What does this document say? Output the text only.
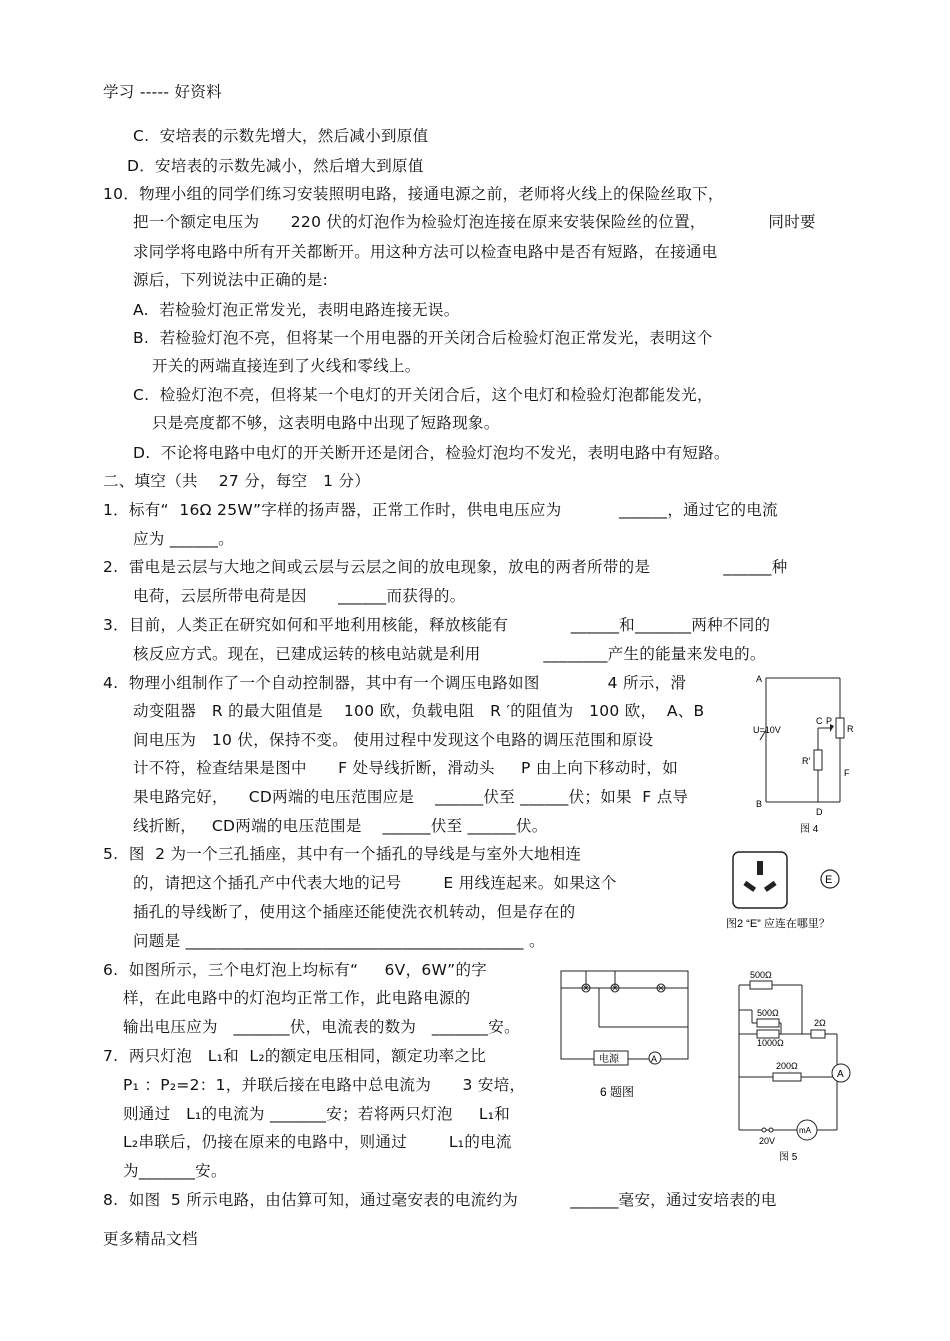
学习 ----- 好资料
C.  安培表的示数先增大，然后减小到原值
D．安培表的示数先减小，然后增大到原值
10．物理小组的同学们练习安装照明电路，接通电源之前，老师将火线上的保险丝取下，
把一个额定电压为      220 伏的灯泡作为检验灯泡连接在原来安装保险丝的位置，            同时要
求同学将电路中所有开关都断开。用这种方法可以检查电路中是否有短路，在接通电
源后，下列说法中正确的是:
A.  若检验灯泡正常发光，表明电路连接无误。
B.  若检验灯泡不亮，但将某一个用电器的开关闭合后检验灯泡正常发光，表明这个
开关的两端直接连到了火线和零线上。
C.  检验灯泡不亮，但将某一个电灯的开关闭合后，这个电灯和检验灯泡都能发光，
只是亮度都不够，这表明电路中出现了短路现象。
D.  不论将电路中电灯的开关断开还是闭合，检验灯泡均不发光，表明电路中有短路。
二、填空（共    27 分，每空   1 分）
1．标有“  16Ω 25W”字样的扬声器，正常工作时，供电电压应为           ______，通过它的电流
应为 ______。
2.  雷电是云层与大地之间或云层与云层之间的放电现象，放电的两者所带的是              ______种
电荷，云层所带电荷是因      ______而获得的。
3．目前，人类正在研究如何和平地利用核能，释放核能有            ______和_______两种不同的
核反应方式。现在，已建成运转的核电站就是利用            ________产生的能量来发电的。
4.  物理小组制作了一个自动控制器，其中有一个调压电路如图             4 所示，滑
动变阻器   R 的最大阻值是    100 欧，负载电阻   R ′的阻值为   100 欧，  A、B
间电压为   10 伏，保持不变。 使用过程中发现这个电路的调压范围和原设
计不符，检查结果是图中      F 处导线折断，滑动头     P 由上向下移动时，如
果电路完好，    CD两端的电压范围应是    ______伏至 ______伏；如果  F 点导
线折断，   CD两端的电压范围是    ______伏至 ______伏。
5.  图  2 为一个三孔插座，其中有一个插孔的导线是与室外大地相连
的，请把这个插孔产中代表大地的记号        E 用线连起来。如果这个
插孔的导线断了，使用这个插座还能使洗衣机转动，但是存在的
问题是 __________________________________________ 。
6.  如图所示，三个电灯泡上均标有“     6V，6W”的字
样，在此电路中的灯泡均正常工作，此电路电源的
输出电压应为   _______伏，电流表的数为   _______安。
7.  两只灯泡   L₁和  L₂的额定电压相同，额定功率之比
P₁ ：P₂=2：1，并联后接在电路中总电流为      3 安培，
则通过   L₁的电流为 _______安；若将两只灯泡     L₁和
L₂串联后，仍接在原来的电路中，则通过        L₁的电流
为_______安。
8.  如图  5 所示电路，由估算可知，通过毫安表的电流约为          ______毫安，通过安培表的电
更多精品文档
A
B
C P
R
R'
F
D
U=10V
图 4
E
图2 “E” 应连在哪里？
电源	A
6 题图
500Ω
500Ω
1000Ω
2Ω
200Ω
A
mA
20V
图 5
